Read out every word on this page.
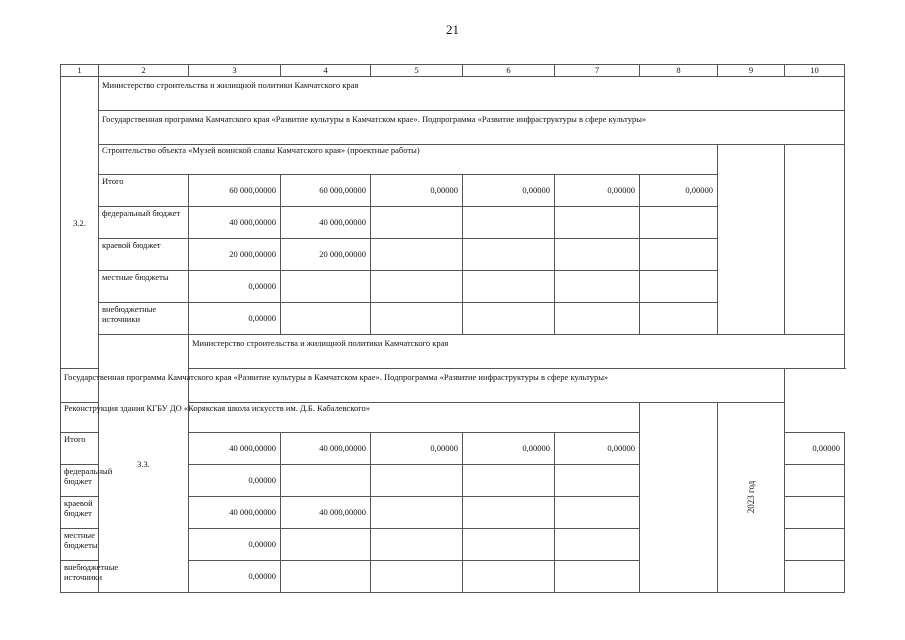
21
1	2	3	4	5	6	7	8	9	10
3.2.	Министерство строительства и жилищной политики Камчатского края								
	Государственная программа Камчатского края «Развитие культуры в Камчатском крае». Подпрограмма «Развитие инфраструктуры в сфере культуры»								
	Строительство объекта «Музей воинской славы Камчатского края» (проектные работы)								

	Итого	60 000,00000	60 000,00000	0,00000	0,00000	0,00000	0,00000		
	федеральный бюджет	40 000,00000	40 000,00000						
	краевой бюджет	20 000,00000	20 000,00000						
	местные бюджеты	0,00000							
	внебюджетные источники	0,00000							
	3.3.	Министерство строительства и жилищной политики Камчатского края							
Государственная программа Камчатского края «Развитие культуры в Камчатском крае». Подпрограмма «Развитие инфраструктуры в сфере культуры»									
Реконструкция здания КГБУ ДО «Корякская школа искусств им. Д.Б. Кабалевского»								2023 год	

Итого		40 000,00000	40 000,00000	0,00000	0,00000	0,00000			0,00000
федеральный бюджет		0,00000							
краевой бюджет		40 000,00000	40 000,00000						
местные бюджеты		0,00000							
внебюджетные источники		0,00000							
